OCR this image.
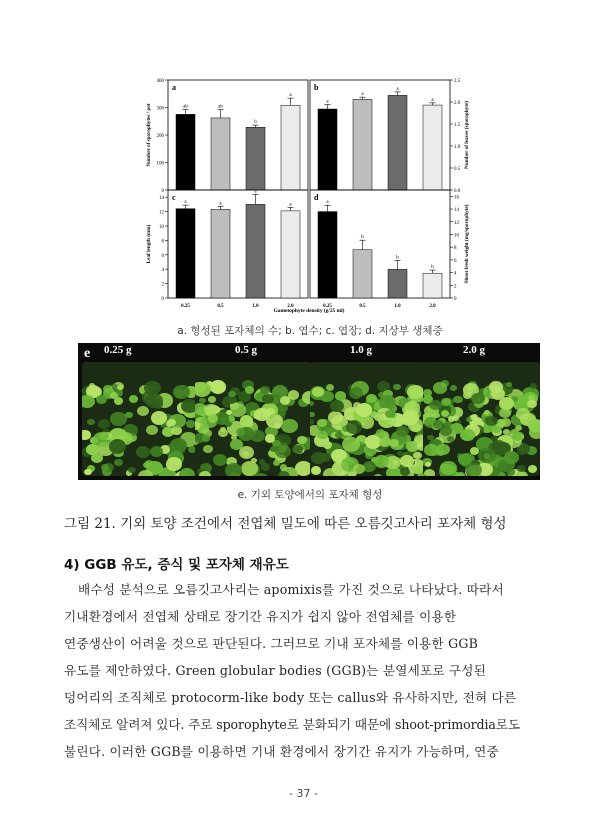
a
0
100
200
300
400
Number of sporophytes / pot	ab	ab
b
a
b
0.0
0.5
1.0
1.5
2.0
2.5
Number of leaves (sporophyte)
a
a
a
a
c
0
2
4
6
8
10
12
14
Leaf length (mm)
a
0.25
a
0.5
a
1.0
a
2.0
d
0
2
4
6
8
10
12
14
16
Shoot fresh weight (mg/sporophyte)
a
0.25
b
0.5
b
1.0
b
2.0
Gametophyte density (g/25 ml)
a. 형성된 포자체의 수; b. 엽수; c. 엽장; d. 지상부 생체중
e 0.25 g	0.5 g	1.0 g	2.0 g
e. 기외 토양에서의 포자체 형성
그림 21. 기외 토양 조건에서 전엽체 밀도에 따른 오름깃고사리 포자체 형성
4) GGB 유도, 증식 및 포자체 재유도

배수성 분석으로 오름깃고사리는 apomixis를 가진 것으로 나타났다. 따라서

기내환경에서 전엽체 상태로 장기간 유지가 쉽지 않아 전엽체를 이용한

연중생산이 어려울 것으로 판단된다. 그러므로 기내 포자체를 이용한 GGB

유도를 제안하였다. Green globular bodies (GGB)는 분열세포로 구성된

덩어리의 조직체로 protocorm-like body 또는 callus와 유사하지만, 전혀 다른

조직체로 알려져 있다. 주로 sporophyte로 분화되기 때문에 shoot-primordia로도

불린다. 이러한 GGB를 이용하면 기내 환경에서 장기간 유지가 가능하며, 연중

- 37 -
